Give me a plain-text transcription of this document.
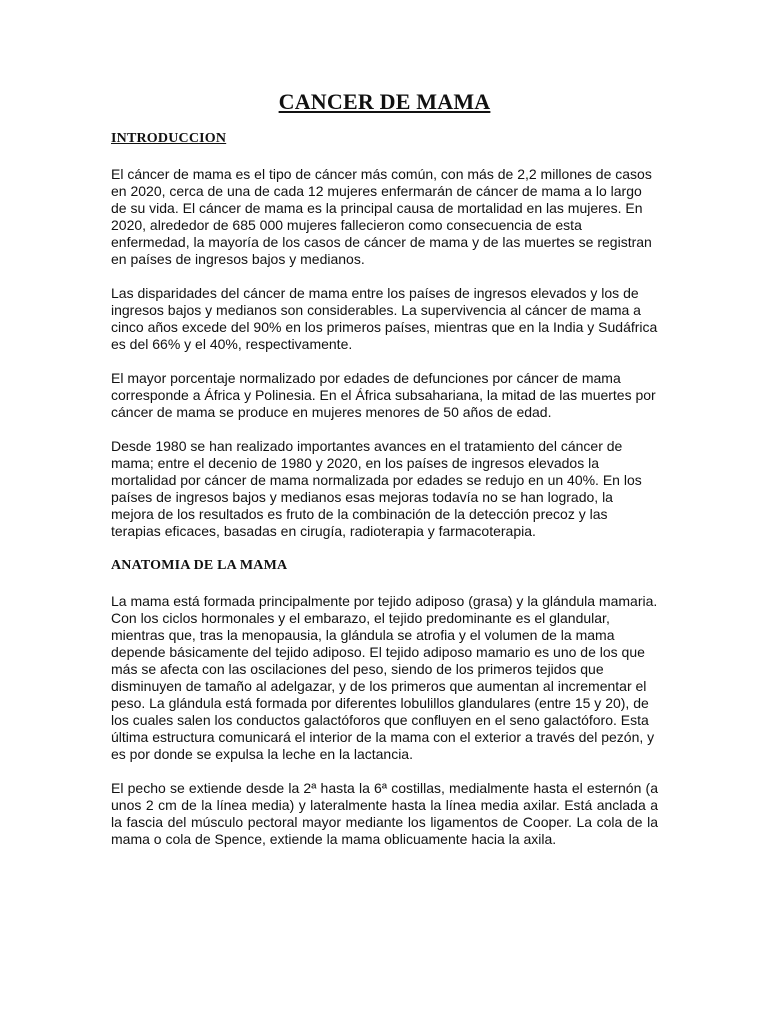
CANCER DE MAMA
INTRODUCCION

El cáncer de mama es el tipo de cáncer más común, con más de 2,2 millones de casos en 2020, cerca de una de cada 12 mujeres enfermarán de cáncer de mama a lo largo de su vida. El cáncer de mama es la principal causa de mortalidad en las mujeres. En 2020, alrededor de 685 000 mujeres fallecieron como consecuencia de esta enfermedad, la mayoría de los casos de cáncer de mama y de las muertes se registran en países de ingresos bajos y medianos.

Las disparidades del cáncer de mama entre los países de ingresos elevados y los de ingresos bajos y medianos son considerables. La supervivencia al cáncer de mama a cinco años excede del 90% en los primeros países, mientras que en la India y Sudáfrica es del 66% y el 40%, respectivamente.

El mayor porcentaje normalizado por edades de defunciones por cáncer de mama corresponde a África y Polinesia. En el África subsahariana, la mitad de las muertes por cáncer de mama se produce en mujeres menores de 50 años de edad.

Desde 1980 se han realizado importantes avances en el tratamiento del cáncer de mama; entre el decenio de 1980 y 2020, en los países de ingresos elevados la mortalidad por cáncer de mama normalizada por edades se redujo en un 40%. En los países de ingresos bajos y medianos esas mejoras todavía no se han logrado, la mejora de los resultados es fruto de la combinación de la detección precoz y las terapias eficaces, basadas en cirugía, radioterapia y farmacoterapia.

ANATOMIA DE LA MAMA

La mama está formada principalmente por tejido adiposo (grasa) y la glándula mamaria. Con los ciclos hormonales y el embarazo, el tejido predominante es el glandular, mientras que, tras la menopausia, la glándula se atrofia y el volumen de la mama depende básicamente del tejido adiposo. El tejido adiposo mamario es uno de los que más se afecta con las oscilaciones del peso, siendo de los primeros tejidos que disminuyen de tamaño al adelgazar, y de los primeros que aumentan al incrementar el peso. La glándula está formada por diferentes lobulillos glandulares (entre 15 y 20), de los cuales salen los conductos galactóforos que confluyen en el seno galactóforo. Esta última estructura comunicará el interior de la mama con el exterior a través del pezón, y es por donde se expulsa la leche en la lactancia.

El pecho se extiende desde la 2ª hasta la 6ª costillas, medialmente hasta el esternón (a unos 2 cm de la línea media) y lateralmente hasta la línea media axilar. Está anclada a la fascia del músculo pectoral mayor mediante los ligamentos de Cooper. La cola de la mama o cola de Spence, extiende la mama oblicuamente hacia la axila.
